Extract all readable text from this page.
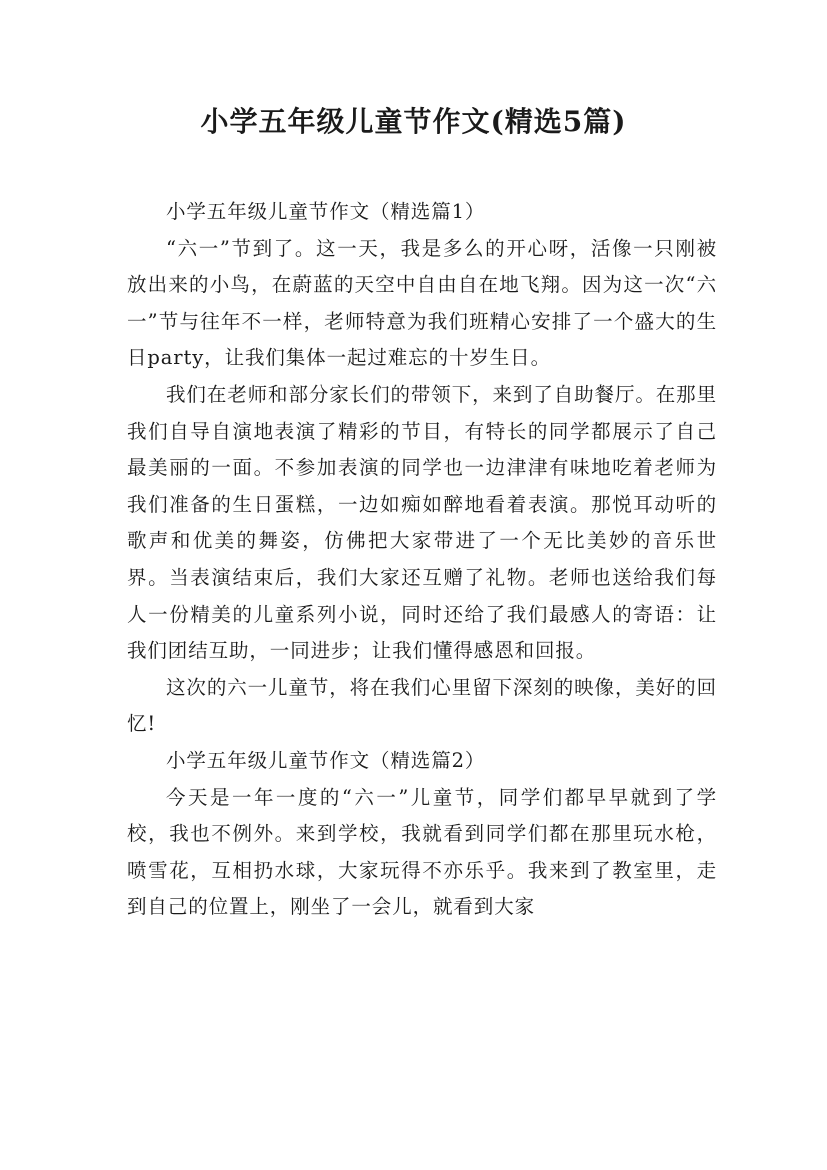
小学五年级儿童节作文(精选5篇)

小学五年级儿童节作文（精选篇1）

“六一”节到了。这一天，我是多么的开心呀，活像一只刚被放出来的小鸟，在蔚蓝的天空中自由自在地飞翔。因为这一次“六一”节与往年不一样，老师特意为我们班精心安排了一个盛大的生日party，让我们集体一起过难忘的十岁生日。

我们在老师和部分家长们的带领下，来到了自助餐厅。在那里我们自导自演地表演了精彩的节目，有特长的同学都展示了自己最美丽的一面。不参加表演的同学也一边津津有味地吃着老师为我们准备的生日蛋糕，一边如痴如醉地看着表演。那悦耳动听的歌声和优美的舞姿，仿佛把大家带进了一个无比美妙的音乐世界。当表演结束后，我们大家还互赠了礼物。老师也送给我们每人一份精美的儿童系列小说，同时还给了我们最感人的寄语：让我们团结互助，一同进步；让我们懂得感恩和回报。

这次的六一儿童节，将在我们心里留下深刻的映像，美好的回忆!

小学五年级儿童节作文（精选篇2）

今天是一年一度的“六一”儿童节，同学们都早早就到了学校，我也不例外。来到学校，我就看到同学们都在那里玩水枪，喷雪花，互相扔水球，大家玩得不亦乐乎。我来到了教室里，走到自己的位置上，刚坐了一会儿，就看到大家
